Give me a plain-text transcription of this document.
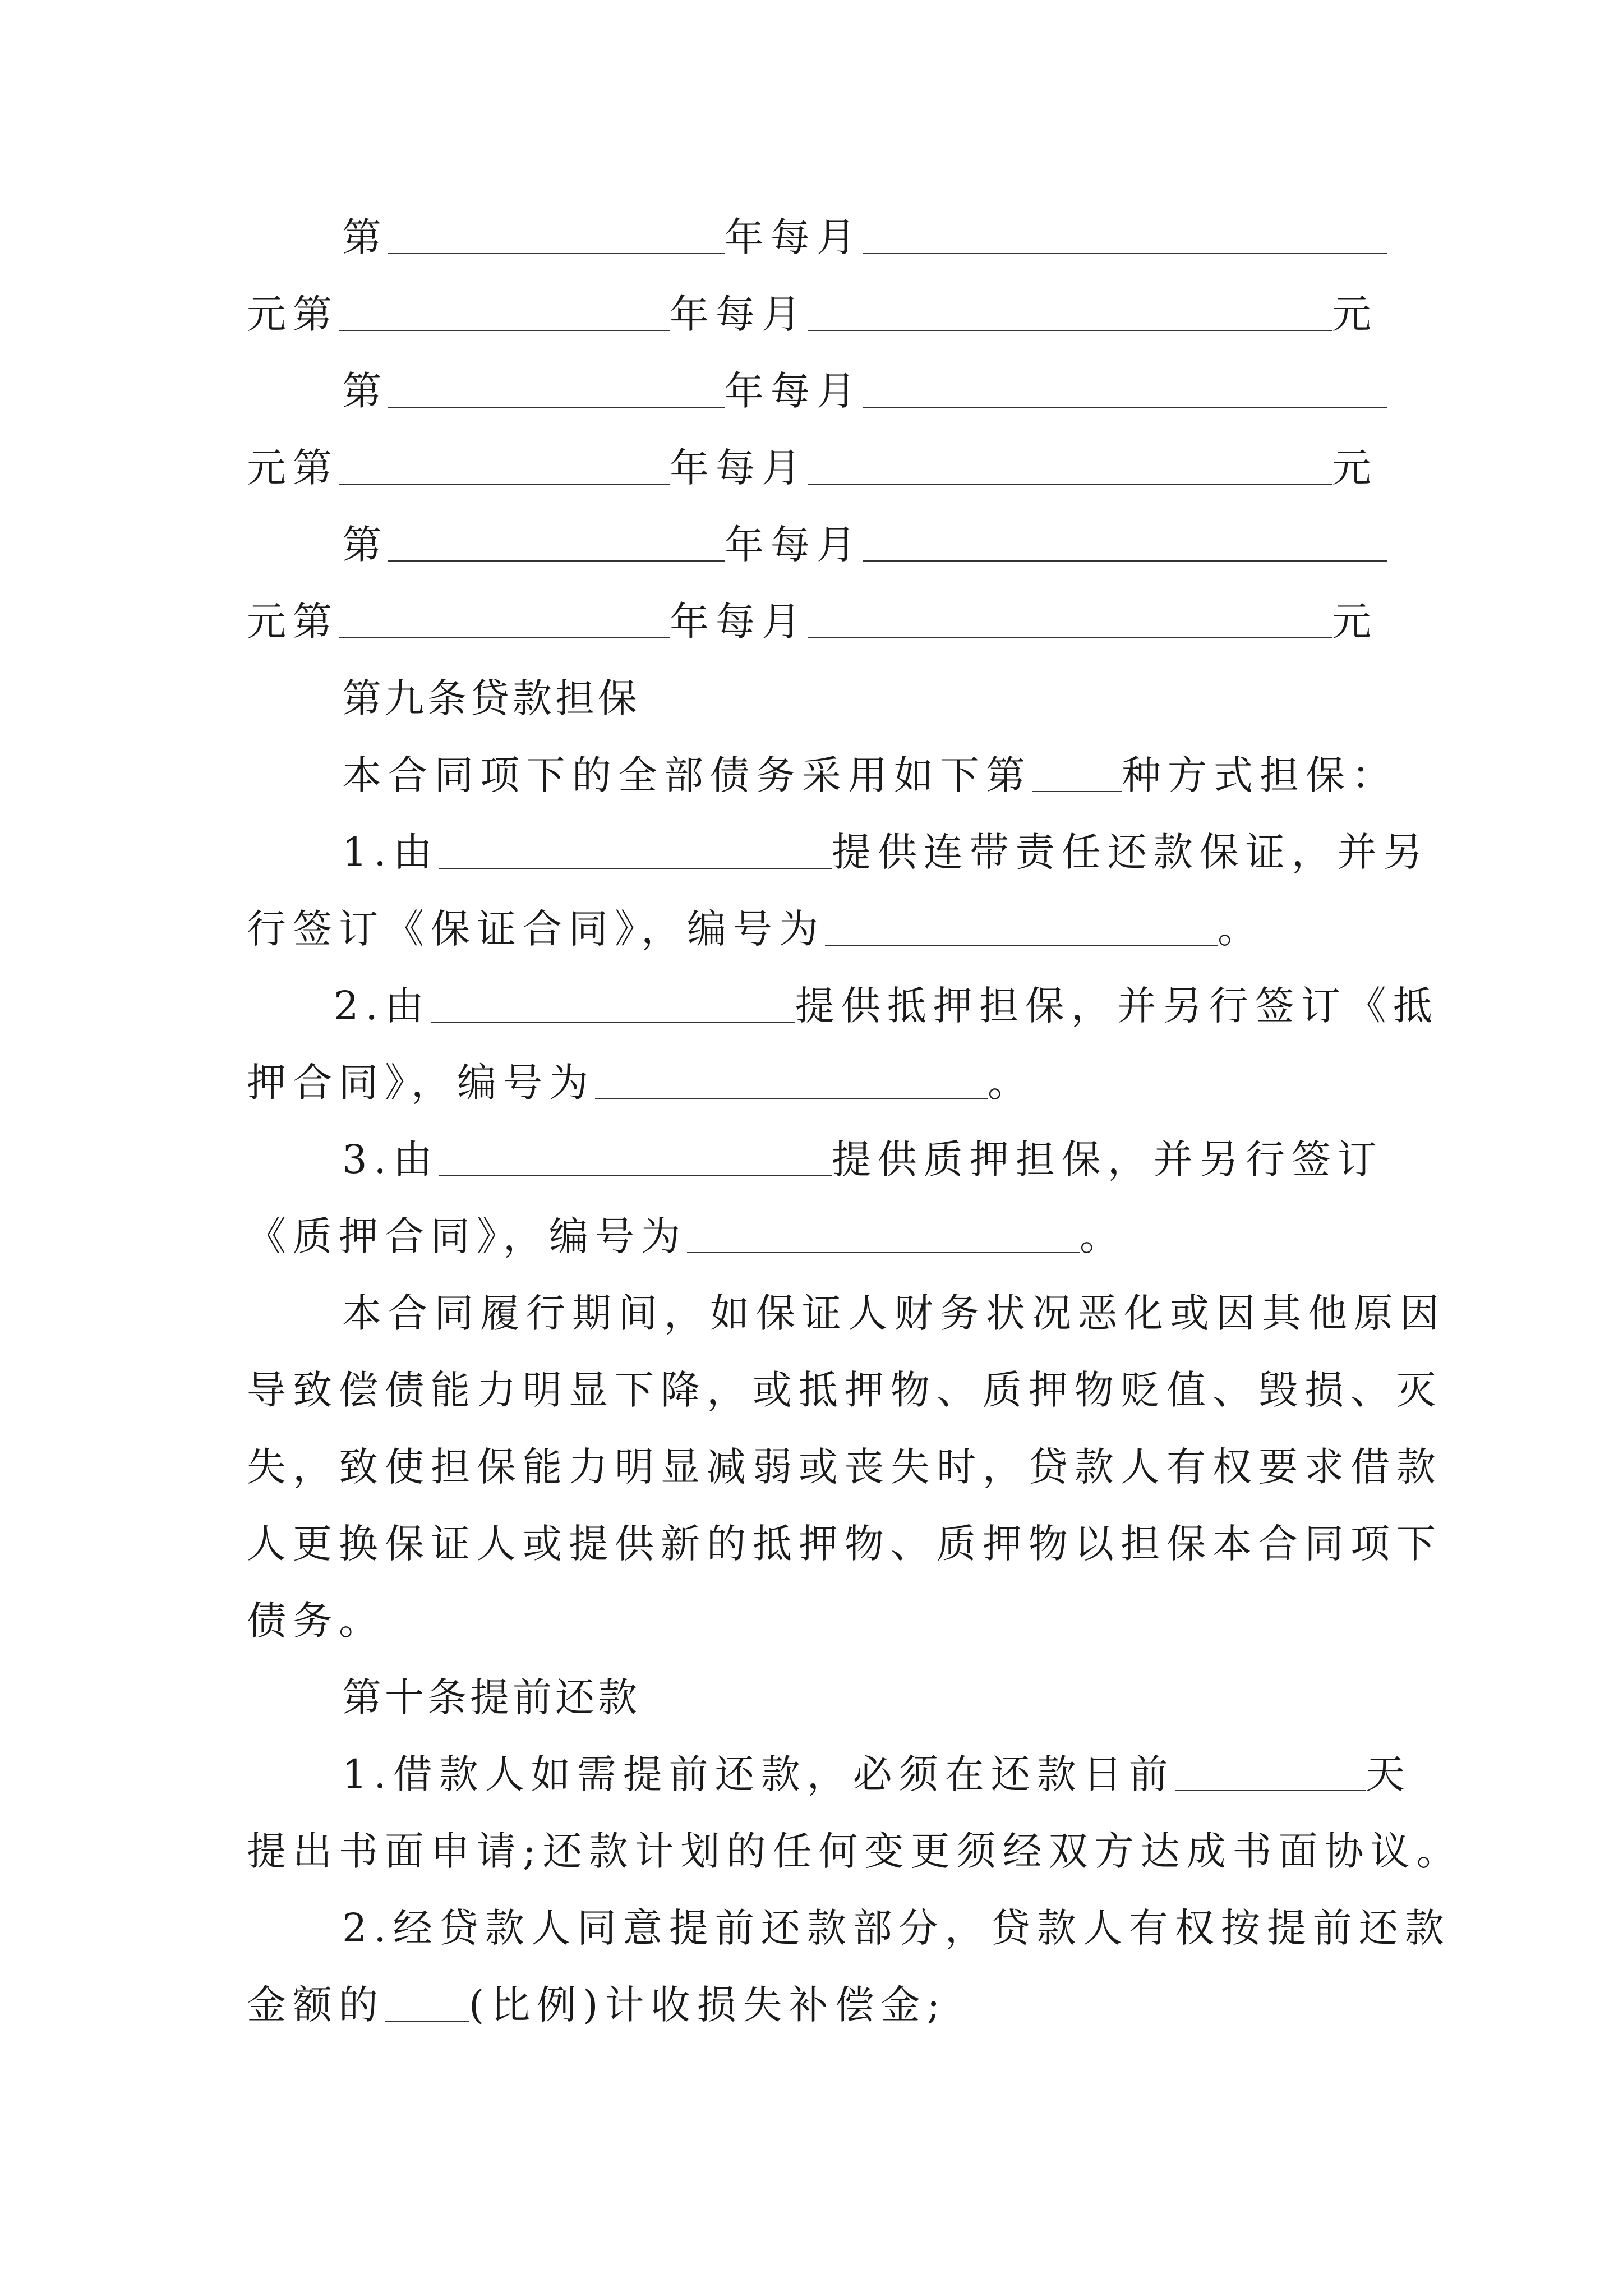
第	年每月
元第	年每月	元
第	年每月
元第	年每月	元
第	年每月
元第	年每月	元
第九条贷款担保
本合同项下的全部债务采用如下第 种方式担保：
1.由	提供连带责任还款保证，并另
行签订《保证合同》，编号为	。
2.由	提供抵押担保，并另行签订《抵
押合同》，编号为	。
3.由	提供质押担保，并另行签订
《质押合同》，编号为	。
本合同履行期间，如保证人财务状况恶化或因其他原因
导致偿债能力明显下降，或抵押物、质押物贬值、毁损、灭
失，致使担保能力明显减弱或丧失时，贷款人有权要求借款
人更换保证人或提供新的抵押物、质押物以担保本合同项下
债务。
第十条提前还款
1.借款人如需提前还款，必须在还款日前	天
提出书面申请;还款计划的任何变更须经双方达成书面协议。
2.经贷款人同意提前还款部分，贷款人有权按提前还款
金额的 (比例)计收损失补偿金;
